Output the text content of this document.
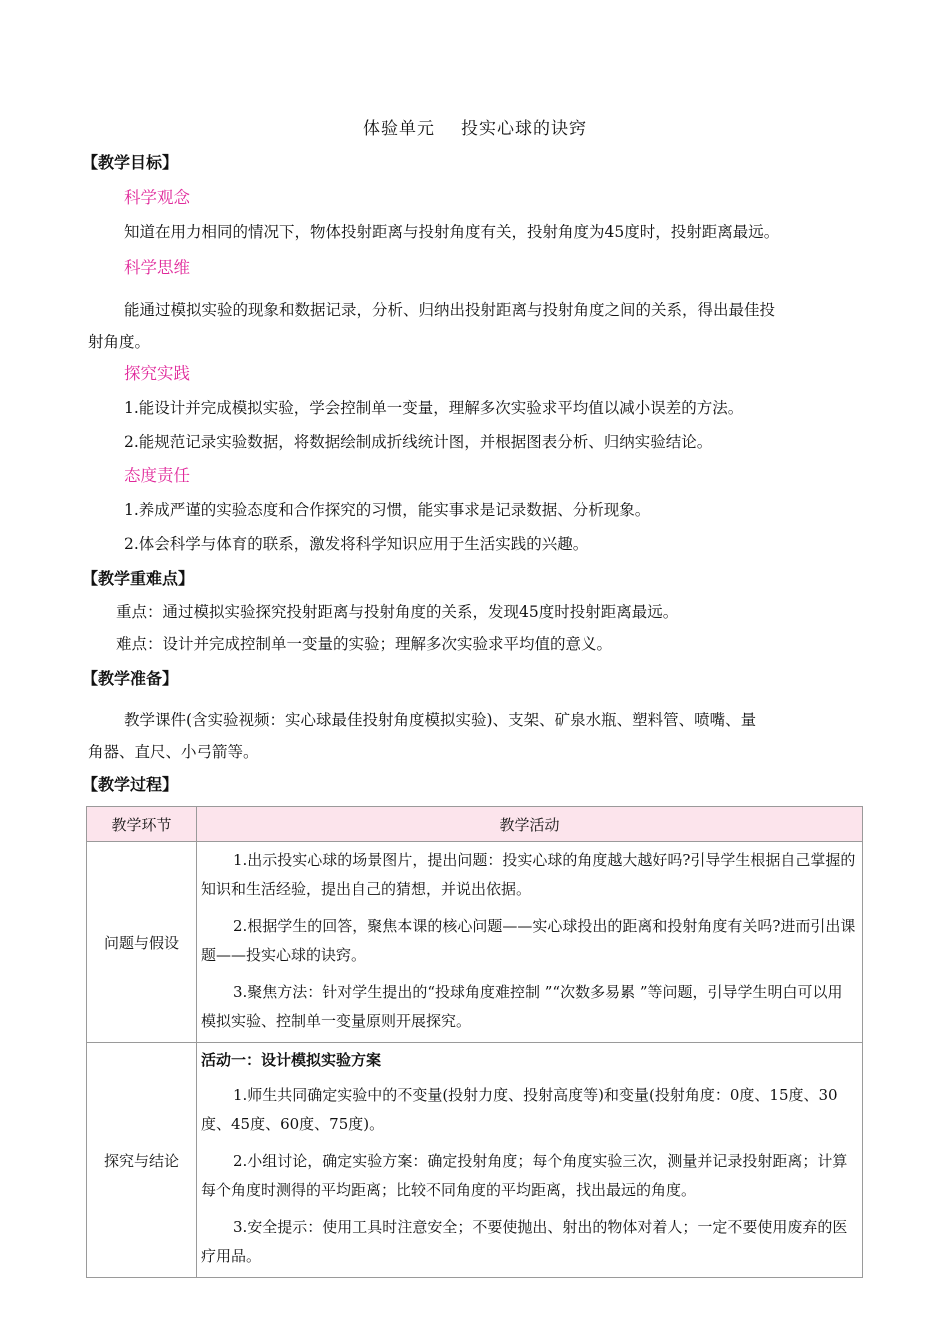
体验单元 投实心球的诀窍
【教学目标】
科学观念
知道在用力相同的情况下，物体投射距离与投射角度有关，投射角度为45度时，投射距离最远。
科学思维
能通过模拟实验的现象和数据记录，分析、归纳出投射距离与投射角度之间的关系，得出最佳投
射角度。
探究实践
1.能设计并完成模拟实验，学会控制单一变量，理解多次实验求平均值以减小误差的方法。
2.能规范记录实验数据，将数据绘制成折线统计图，并根据图表分析、归纳实验结论。
态度责任
1.养成严谨的实验态度和合作探究的习惯，能实事求是记录数据、分析现象。
2.体会科学与体育的联系，激发将科学知识应用于生活实践的兴趣。
【教学重难点】
重点：通过模拟实验探究投射距离与投射角度的关系，发现45度时投射距离最远。
难点：设计并完成控制单一变量的实验；理解多次实验求平均值的意义。
【教学准备】
教学课件(含实验视频：实心球最佳投射角度模拟实验)、支架、矿泉水瓶、塑料管、喷嘴、量
角器、直尺、小弓箭等。
【教学过程】
教学环节	教学活动
问题与假设	1.出示投实心球的场景图片，提出问题：投实心球的角度越大越好吗?引导学生根据自己掌握的知识和生活经验，提出自己的猜想，并说出依据。

2.根据学生的回答，聚焦本课的核心问题——实心球投出的距离和投射角度有关吗?进而引出课题——投实心球的诀窍。

3.聚焦方法：针对学生提出的“投球角度难控制 ”“次数多易累 ”等问题，引导学生明白可以用模拟实验、控制单一变量原则开展探究。

探究与结论	活动一：设计模拟实验方案

1.师生共同确定实验中的不变量(投射力度、投射高度等)和变量(投射角度：0度、15度、30度、45度、60度、75度)。

2.小组讨论，确定实验方案：确定投射角度；每个角度实验三次，测量并记录投射距离；计算每个角度时测得的平均距离；比较不同角度的平均距离，找出最远的角度。

3.安全提示：使用工具时注意安全；不要使抛出、射出的物体对着人；一定不要使用废弃的医疗用品。
